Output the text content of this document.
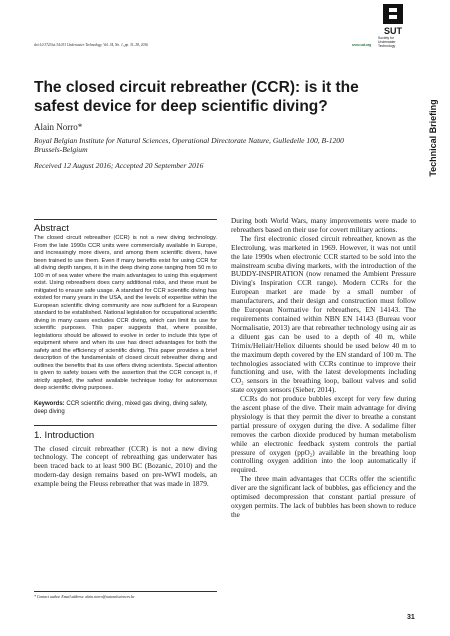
doi:10.3723/ut.34.031 Underwater Technology, Vol. 34, No. 1, pp. 31–38, 2016
SUT
Society for Underwater Technology
www.sut.org
Technical Briefing
The closed circuit rebreather (CCR): is it the safest device for deep scientific diving?
Alain Norro*
Royal Belgian Institute for Natural Sciences, Operational Directorate Nature, Gulledelle 100, B-1200 Brussels-Belgium
Received 12 August 2016; Accepted 20 September 2016
Abstract
The closed circuit rebreather (CCR) is not a new diving technology. From the late 1990s CCR units were commercially available in Europe, and increasingly more divers, and among them scientific divers, have been trained to use them. Even if many benefits exist for using CCR for all diving depth ranges, it is in the deep diving zone ranging from 50 m to 100 m of sea water where the main advantages to using this equipment exist. Using rebreathers does carry additional risks, and these must be mitigated to ensure safe usage. A standard for CCR scientific diving has existed for many years in the USA, and the levels of expertise within the European scientific diving community are now sufficient for a European standard to be established. National legislation for occupational scientific diving in many cases excludes CCR diving, which can limit its use for scientific purposes. This paper suggests that, where possible, legislations should be allowed to evolve in order to include this type of equipment where and when its use has direct advantages for both the safety and the efficiency of scientific diving. This paper provides a brief description of the fundamentals of closed circuit rebreather diving and outlines the benefits that its use offers diving scientists. Special attention is given to safety issues with the assertion that the CCR concept is, if strictly applied, the safest available technique today for autonomous deep scientific diving purposes.
Keywords: CCR scientific diving, mixed gas diving, diving safety, deep diving
1. Introduction
The closed circuit rebreather (CCR) is not a new diving technology. The concept of rebreathing gas underwater has been traced back to at least 900 BC (Bozanic, 2010) and the modern-day design remains based on pre-WWI models, an example being the Fleuss rebreather that was made in 1879.
* Contact author. Email address: alain.norro@naturalsciences.be

During both World Wars, many improvements were made to rebreathers based on their use for covert military actions.

The first electronic closed circuit rebreather, known as the Electrolung, was marketed in 1969. However, it was not until the late 1990s when electronic CCR started to be sold into the mainstream scuba diving markets, with the introduction of the BUDDY-INSPIRATION (now renamed the Ambient Pressure Diving's Inspiration CCR range). Modern CCRs for the European market are made by a small number of manufacturers, and their design and construction must follow the European Normative for rebreathers, EN 14143. The requirements contained within NBN EN 14143 (Bureau voor Normalisatie, 2013) are that rebreather technology using air as a diluent gas can be used to a depth of 40 m, while Trimix/Heliair/Heliox diluents should be used below 40 m to the maximum depth covered by the EN standard of 100 m. The technologies associated with CCRs continue to improve their functioning and use, with the latest developments including CO₂ sensors in the breathing loop, bailout valves and solid state oxygen sensors (Sieber, 2014).

CCRs do not produce bubbles except for very few during the ascent phase of the dive. Their main advantage for diving physiology is that they permit the diver to breathe a constant partial pressure of oxygen during the dive. A sodalime filter removes the carbon dioxide produced by human metabolism while an electronic feedback system controls the partial pressure of oxygen (ppO₂) available in the breathing loop controlling oxygen addition into the loop automatically if required.

The three main advantages that CCRs offer the scientific diver are the significant lack of bubbles, gas efficiency and the optimised decompression that constant partial pressure of oxygen permits. The lack of bubbles has been shown to reduce the

31
